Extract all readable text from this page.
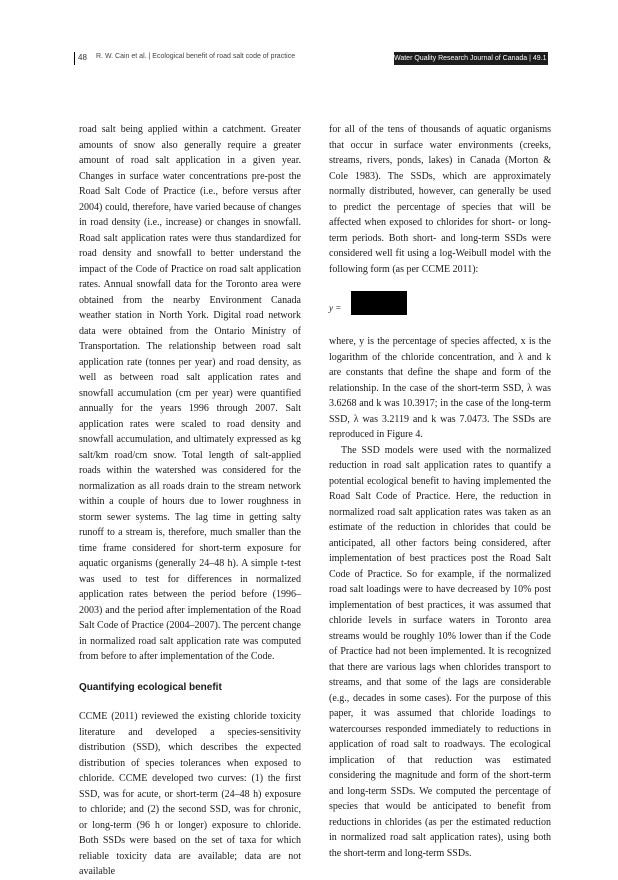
48 R. W. Cain et al. | Ecological benefit of road salt code of practice	Water Quality Research Journal of Canada | 49.1 | 2014

road salt being applied within a catchment. Greater amounts of snow also generally require a greater amount of road salt application in a given year. Changes in surface water concentrations pre-post the Road Salt Code of Practice (i.e., before versus after 2004) could, therefore, have varied because of changes in road density (i.e., increase) or changes in snowfall. Road salt application rates were thus standardized for road density and snowfall to better understand the impact of the Code of Practice on road salt application rates. Annual snowfall data for the Toronto area were obtained from the nearby Environment Canada weather station in North York. Digital road network data were obtained from the Ontario Ministry of Transportation. The relationship between road salt application rate (tonnes per year) and road density, as well as between road salt application rates and snowfall accumulation (cm per year) were quantified annually for the years 1996 through 2007. Salt application rates were scaled to road density and snowfall accumulation, and ultimately expressed as kg salt/km road/cm snow. Total length of salt-applied roads within the watershed was considered for the normalization as all roads drain to the stream network within a couple of hours due to lower roughness in storm sewer systems. The lag time in getting salty runoff to a stream is, therefore, much smaller than the time frame considered for short-term exposure for aquatic organisms (generally 24–48 h). A simple t-test was used to test for differences in normalized application rates between the period before (1996–2003) and the period after implementation of the Road Salt Code of Practice (2004–2007). The percent change in normalized road salt application rate was computed from before to after implementation of the Code.

Quantifying ecological benefit

CCME (2011) reviewed the existing chloride toxicity literature and developed a species-sensitivity distribution (SSD), which describes the expected distribution of species tolerances when exposed to chloride. CCME developed two curves: (1) the first SSD, was for acute, or short-term (24–48 h) exposure to chloride; and (2) the second SSD, was for chronic, or long-term (96 h or longer) exposure to chloride. Both SSDs were based on the set of taxa for which reliable toxicity data are available; data are not available

for all of the tens of thousands of aquatic organisms that occur in surface water environments (creeks, streams, rivers, ponds, lakes) in Canada (Morton & Cole 1983). The SSDs, which are approximately normally distributed, however, can generally be used to predict the percentage of species that will be affected when exposed to chlorides for short- or long-term periods. Both short- and long-term SSDs were considered well fit using a log-Weibull model with the following form (as per CCME 2011):

y =

where, y is the percentage of species affected, x is the logarithm of the chloride concentration, and λ and k are constants that define the shape and form of the relationship. In the case of the short-term SSD, λ was 3.6268 and k was 10.3917; in the case of the long-term SSD, λ was 3.2119 and k was 7.0473. The SSDs are reproduced in Figure 4.

The SSD models were used with the normalized reduction in road salt application rates to quantify a potential ecological benefit to having implemented the Road Salt Code of Practice. Here, the reduction in normalized road salt application rates was taken as an estimate of the reduction in chlorides that could be anticipated, all other factors being considered, after implementation of best practices post the Road Salt Code of Practice. So for example, if the normalized road salt loadings were to have decreased by 10% post implementation of best practices, it was assumed that chloride levels in surface waters in Toronto area streams would be roughly 10% lower than if the Code of Practice had not been implemented. It is recognized that there are various lags when chlorides transport to streams, and that some of the lags are considerable (e.g., decades in some cases). For the purpose of this paper, it was assumed that chloride loadings to watercourses responded immediately to reductions in application of road salt to roadways. The ecological implication of that reduction was estimated considering the magnitude and form of the short-term and long-term SSDs. We computed the percentage of species that would be anticipated to benefit from reductions in chlorides (as per the estimated reduction in normalized road salt application rates), using both the short-term and long-term SSDs.
